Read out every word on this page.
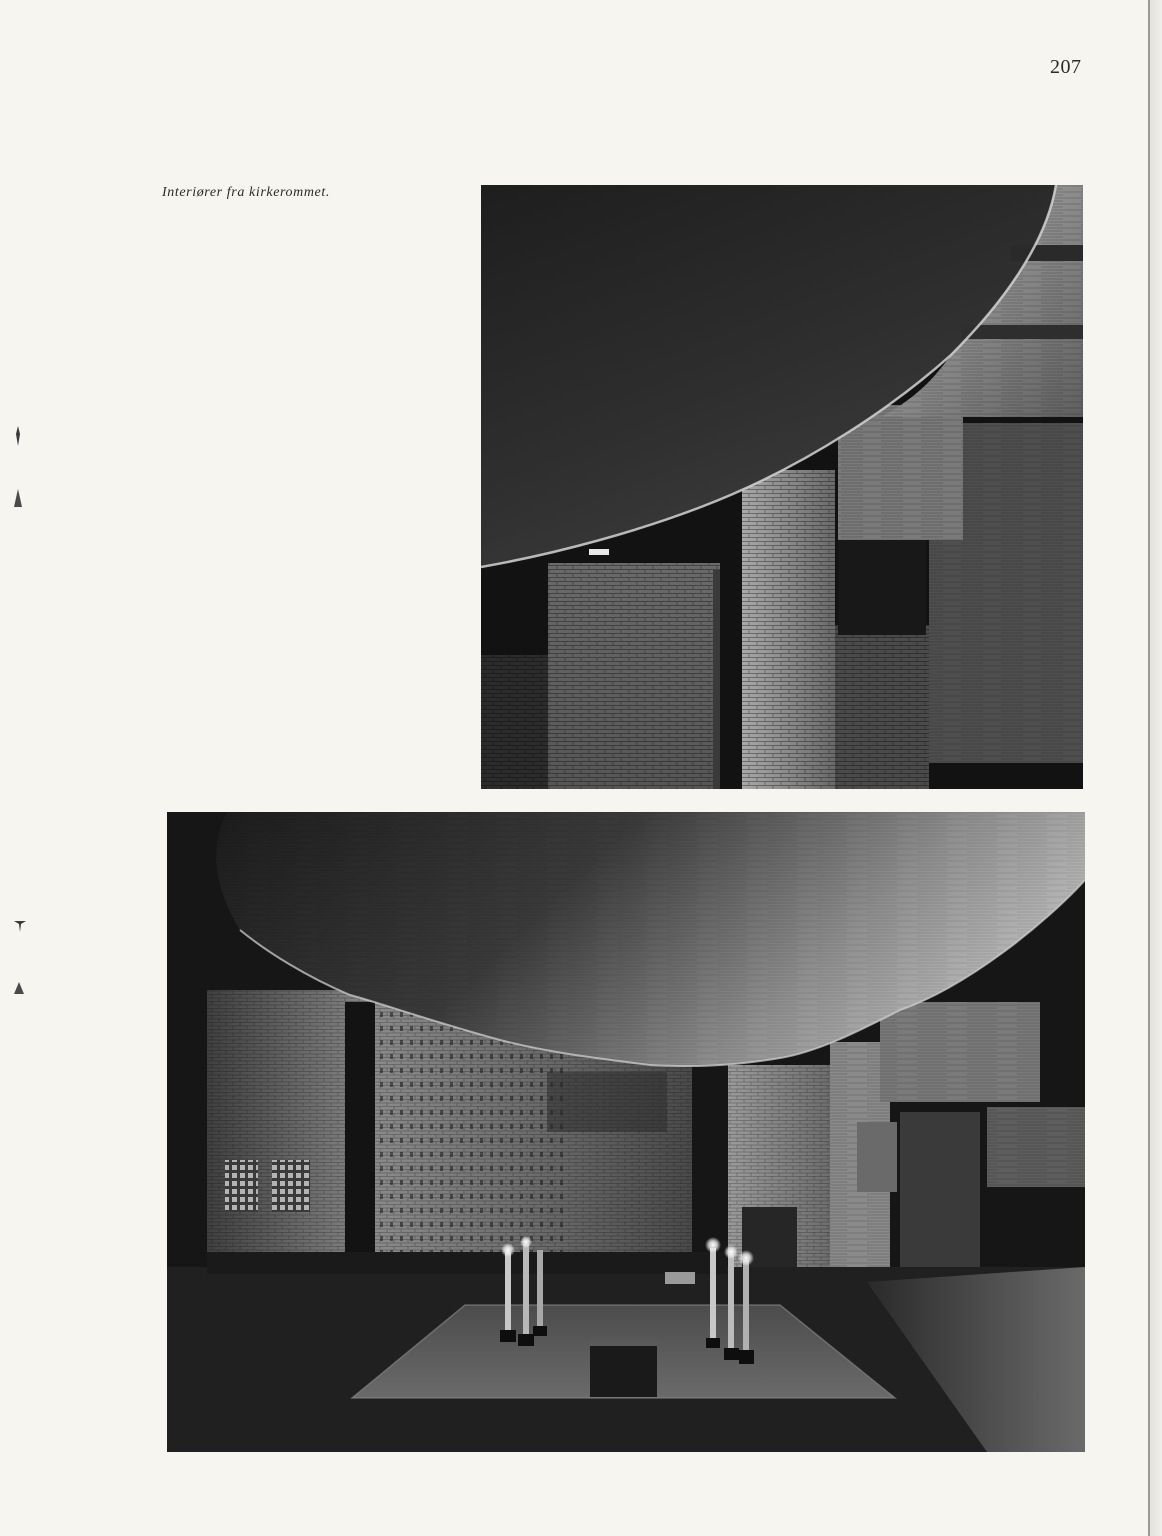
207
Interiører fra kirkerommet.
